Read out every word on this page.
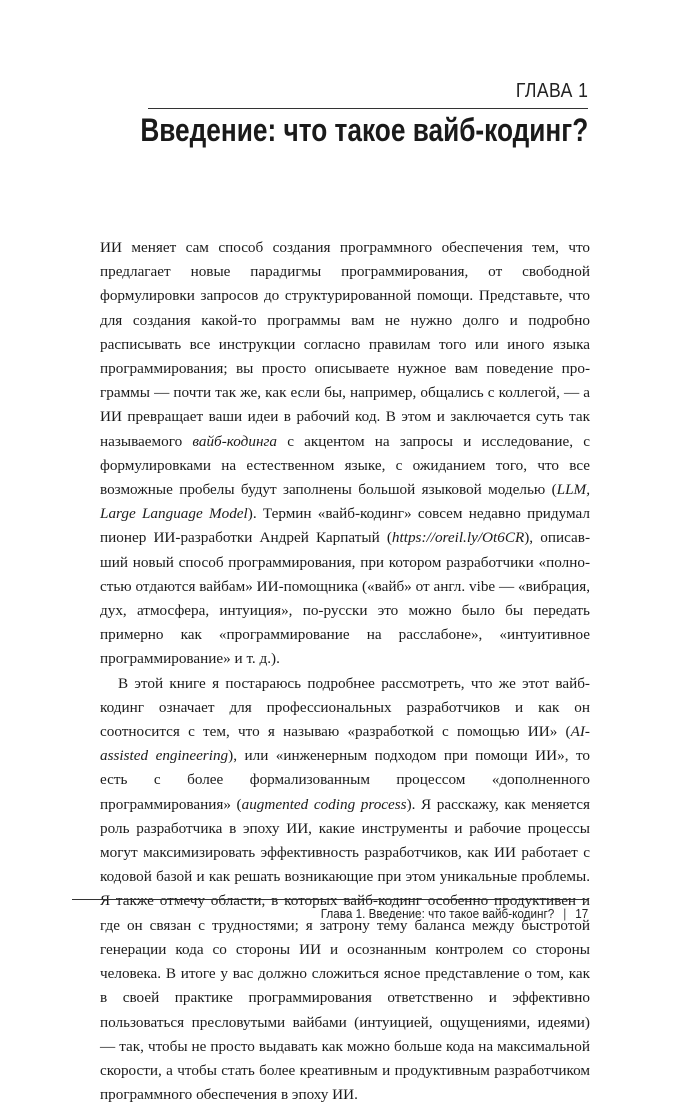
ГЛАВА 1
Введение: что такое вайб-кодинг?

ИИ меняет сам способ создания программного обеспечения тем, что предлагает новые парадигмы программирования, от свободной формулировки запросов до структурированной помощи. Представьте, что для создания какой-то программы вам не нужно долго и подробно расписывать все инструкции согласно правилам того или иного языка программирования; вы просто описываете нужное вам поведение программы — почти так же, как если бы, например, общались с коллегой, — а ИИ превращает ваши идеи в рабочий код. В этом и заключается суть так называемого вайб-кодинга с акцентом на запросы и исследование, с формулировками на естественном языке, с ожиданием того, что все возможные пробелы будут заполнены большой языковой моделью (LLM, Large Language Model). Термин «вайб-кодинг» совсем недавно придумал пионер ИИ-разработки Андрей Карпатый (https://oreil.ly/Ot6CR), описавший новый способ программирования, при котором разработчики «полностью отдаются вайбам» ИИ-помощника («вайб» от англ. vibe — «вибрация, дух, атмосфера, интуиция», по-русски это можно было бы передать примерно как «программирование на расслабоне», «интуитивное программирование» и т. д.).

В этой книге я постараюсь подробнее рассмотреть, что же этот вайб-кодинг означает для профессиональных разработчиков и как он соотносится с тем, что я называю «разработкой с помощью ИИ» (AI-assisted engineering), или «инженерным подходом при помощи ИИ», то есть с более формализованным процессом «дополненного программирования» (augmented coding process). Я расскажу, как меняется роль разработчика в эпоху ИИ, какие инструменты и рабочие процессы могут максимизировать эффективность разработчиков, как ИИ работает с кодовой базой и как решать возникающие при этом уникальные проблемы. Я также отмечу области, в которых вайб-кодинг особенно продуктивен и где он связан с трудностями; я затрону тему баланса между быстротой генерации кода со стороны ИИ и осознанным контролем со стороны человека. В итоге у вас должно сложиться ясное представление о том, как в своей практике программирования ответственно и эффективно пользоваться пресловутыми вайбами (интуицией, ощущениями, идеями) — так, чтобы не просто выдавать как можно больше кода на максимальной скорости, а чтобы стать более креативным и продуктивным разработчиком программного обеспечения в эпоху ИИ.

Глава 1. Введение: что такое вайб-кодинг? | 17
